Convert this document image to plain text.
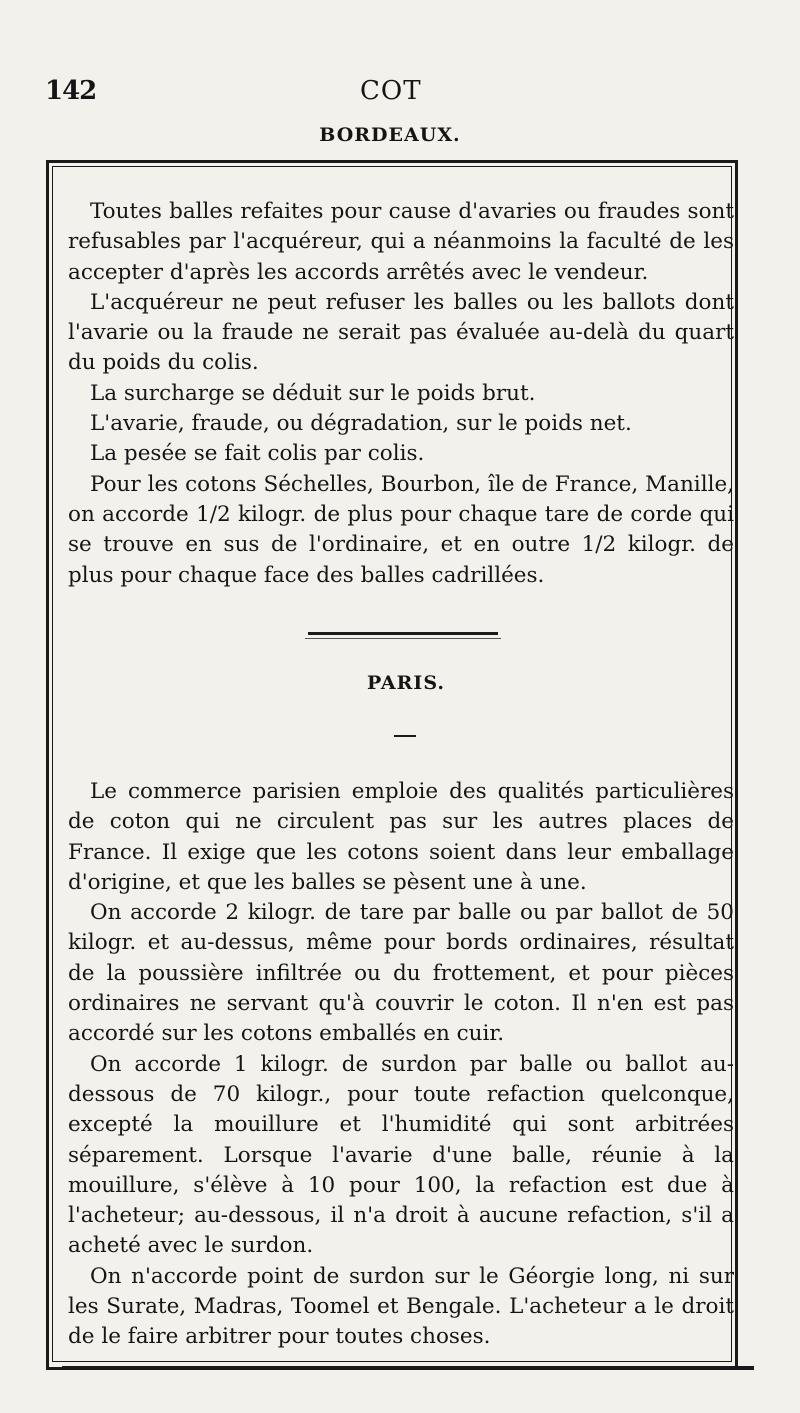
142	COT
BORDEAUX.

Toutes balles refaites pour cause d'avaries ou fraudes sont refusables par l'acquéreur, qui a néanmoins la faculté de les accepter d'après les accords arrêtés avec le vendeur.

L'acquéreur ne peut refuser les balles ou les ballots dont l'avarie ou la fraude ne serait pas évaluée au-delà du quart du poids du colis.

La surcharge se déduit sur le poids brut.

L'avarie, fraude, ou dégradation, sur le poids net.

La pesée se fait colis par colis.

Pour les cotons Séchelles, Bourbon, île de France, Manille, on accorde 1/2 kilogr. de plus pour chaque tare de corde qui se trouve en sus de l'ordinaire, et en outre 1/2 kilogr. de plus pour chaque face des balles cadrillées.

PARIS.

Le commerce parisien emploie des qualités particulières de coton qui ne circulent pas sur les autres places de France. Il exige que les cotons soient dans leur emballage d'origine, et que les balles se pèsent une à une.

On accorde 2 kilogr. de tare par balle ou par ballot de 50 kilogr. et au-dessus, même pour bords ordinaires, résultat de la poussière infiltrée ou du frottement, et pour pièces ordinaires ne servant qu'à couvrir le coton. Il n'en est pas accordé sur les cotons emballés en cuir.

On accorde 1 kilogr. de surdon par balle ou ballot au-dessous de 70 kilogr., pour toute refaction quelconque, excepté la mouillure et l'humidité qui sont arbitrées séparement. Lorsque l'avarie d'une balle, réunie à la mouillure, s'élève à 10 pour 100, la refaction est due à l'acheteur; au-dessous, il n'a droit à aucune refaction, s'il a acheté avec le surdon.

On n'accorde point de surdon sur le Géorgie long, ni sur les Surate, Madras, Toomel et Bengale. L'acheteur a le droit de le faire arbitrer pour toutes choses.
